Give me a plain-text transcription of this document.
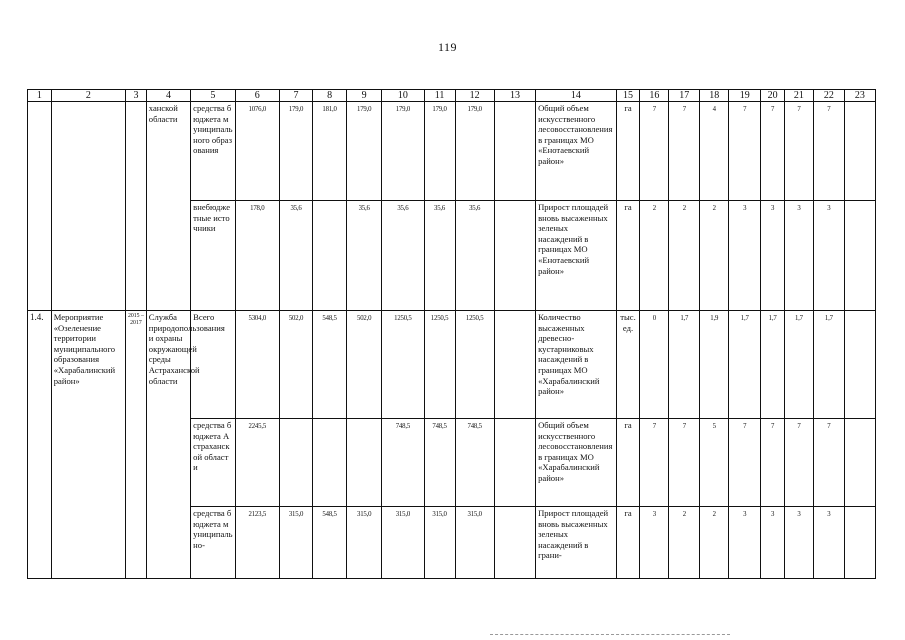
119
1	2	3	4	5	6	7	8	9	10	11	12	13	14	15	16	17	18	19	20	21	22	23
			ханской области	средства бюджета муниципального образования	1076,0	179,0	181,0	179,0	179,0	179,0	179,0		Общий объем искусственного лесовосстановления в границах МО «Енотаевский район»	га	7	7	4	7	7	7	7	
				внебюджетные источники	178,0	35,6		35,6	35,6	35,6	35,6		Прирост площадей вновь высаженных зеленых насаждений в границах МО «Енотаевский район»	га	2	2	2	3	3	3	3	
1.4.	Мероприятие «Озеленение территории муниципального образования «Харабалинский район»	2015 – 2017	Служба природопользования и охраны окружающей среды Астраханской области	Всего	5304,0	502,0	548,5	502,0	1250,5	1250,5	1250,5		Количество высаженных древесно-кустарниковых насаждений в границах МО «Харабалинский район»	тыс. ед.	0	1,7	1,9	1,7	1,7	1,7	1,7	
				средства бюджета Астраханской области	2245,5				748,5	748,5	748,5		Общий объем искусственного лесовосстановления в границах МО «Харабалинский район»	га	7	7	5	7	7	7	7	
				средства бюджета муниципально-	2123,5	315,0	548,5	315,0	315,0	315,0	315,0		Прирост площадей вновь высаженных зеленых насаждений в грани-	га	3	2	2	3	3	3	3	
